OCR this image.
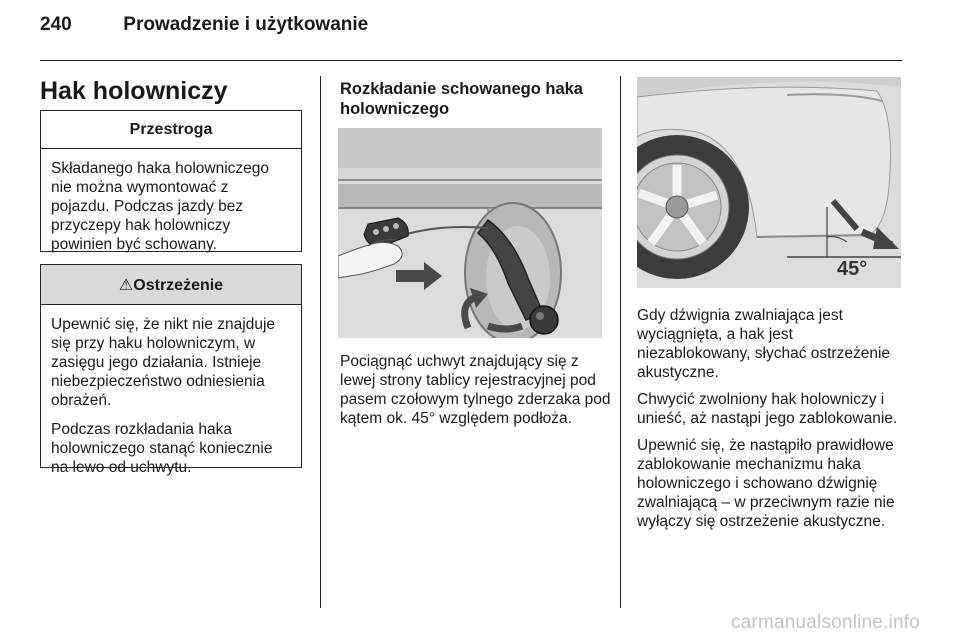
240	Prowadzenie i użytkowanie
Hak holowniczy
Przestroga

Składanego haka holowniczego nie można wymontować z pojazdu. Podczas jazdy bez przyczepy hak holowniczy powinien być schowany.

⚠Ostrzeżenie

Upewnić się, że nikt nie znajduje się przy haku holowniczym, w zasięgu jego działania. Istnieje niebezpieczeństwo odniesienia obrażeń.

Podczas rozkładania haka holowniczego stanąć koniecznie na lewo od uchwytu.

Rozkładanie schowanego haka holowniczego

Pociągnąć uchwyt znajdujący się z lewej strony tablicy rejestracyjnej pod pasem czołowym tylnego zderzaka pod kątem ok. 45° względem podłoża.

45°

Gdy dźwignia zwalniająca jest wyciągnięta, a hak jest niezablokowany, słychać ostrzeżenie akustyczne.

Chwycić zwolniony hak holowniczy i unieść, aż nastąpi jego zablokowanie.

Upewnić się, że nastąpiło prawidłowe zablokowanie mechanizmu haka holowniczego i schowano dźwignię zwalniającą – w przeciwnym razie nie wyłączy się ostrzeżenie akustyczne.

carmanualsonline.info
